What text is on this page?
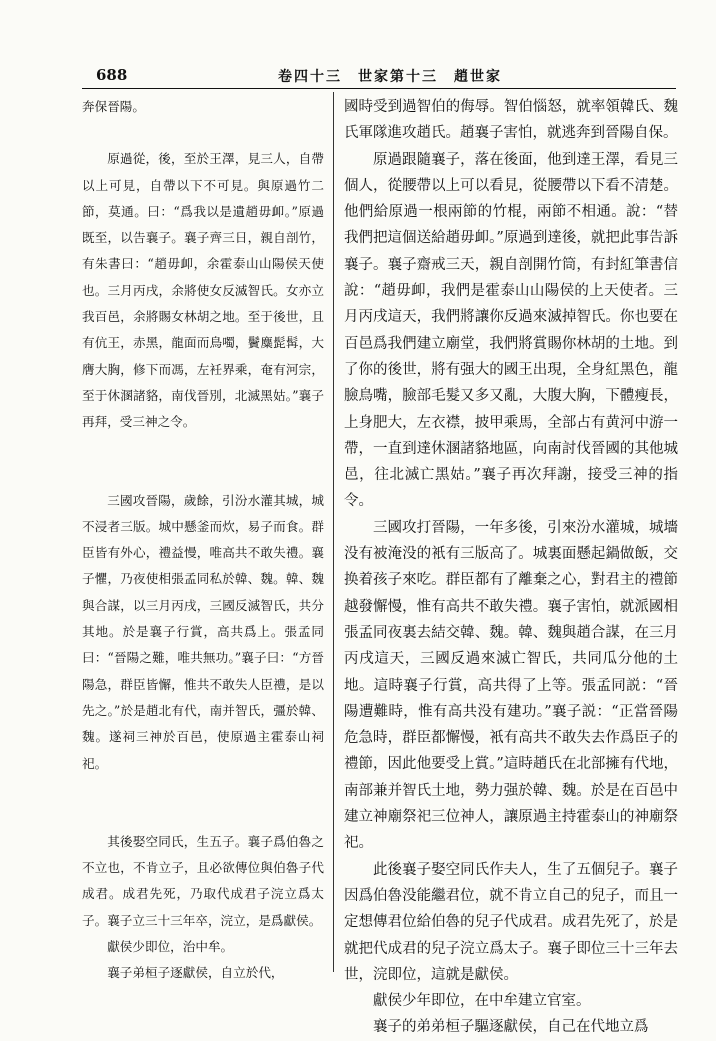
688	卷四十三　世家第十三　趙世家

奔保晉陽。

原過從，後，至於王澤，見三人，自帶以上可見，自帶以下不可見。與原過竹二節，莫通。曰：“爲我以是遺趙毋卹。”原過既至，以告襄子。襄子齊三日，親自剖竹，有朱書曰：“趙毋卹，余霍泰山山陽侯天使也。三月丙戌，余將使女反滅智氏。女亦立我百邑，余將賜女林胡之地。至于後世，且有伉王，赤黑，龍面而鳥噣，鬢麋髭髯，大膺大胸，修下而馮，左衽界乘，奄有河宗，至于休溷諸貉，南伐晉別，北滅黑姑。”襄子再拜，受三神之令。

三國攻晉陽，歲餘，引汾水灌其城，城不浸者三版。城中懸釜而炊，易子而食。群臣皆有外心，禮益慢，唯高共不敢失禮。襄子懼，乃夜使相張孟同私於韓、魏。韓、魏與合謀，以三月丙戌，三國反滅智氏，共分其地。於是襄子行賞，高共爲上。張孟同曰：“晉陽之難，唯共無功。”襄子曰：“方晉陽急，群臣皆懈，惟共不敢失人臣禮，是以先之。”於是趙北有代，南并智氏，彊於韓、魏。遂祠三神於百邑，使原過主霍泰山祠祀。

其後娶空同氏，生五子。襄子爲伯魯之不立也，不肯立子，且必欲傳位與伯魯子代成君。成君先死，乃取代成君子浣立爲太子。襄子立三十三年卒，浣立，是爲獻侯。

獻侯少即位，治中牟。

襄子弟桓子逐獻侯，自立於代，

國時受到過智伯的侮辱。智伯惱怒，就率領韓氏、魏氏軍隊進攻趙氏。趙襄子害怕，就逃奔到晉陽自保。

原過跟隨襄子，落在後面，他到達王澤，看見三個人，從腰帶以上可以看見，從腰帶以下看不清楚。他們給原過一根兩節的竹棍，兩節不相通。說：“替我們把這個送給趙毋卹。”原過到達後，就把此事告訴襄子。襄子齋戒三天，親自剖開竹筒，有封紅筆書信說：“趙毋卹，我們是霍泰山山陽侯的上天使者。三月丙戌這天，我們將讓你反過來滅掉智氏。你也要在百邑爲我們建立廟堂，我們將賞賜你林胡的土地。到了你的後世，將有强大的國王出現，全身紅黑色，龍臉鳥嘴，臉部毛髮又多又亂，大腹大胸，下體瘦長，上身肥大，左衣襟，披甲乘馬，全部占有黄河中游一帶，一直到達休溷諸貉地區，向南討伐晉國的其他城邑，往北滅亡黑姑。”襄子再次拜謝，接受三神的指令。

三國攻打晉陽，一年多後，引來汾水灌城，城墻没有被淹没的衹有三版高了。城裏面懸起鍋做飯，交换着孩子來吃。群臣都有了離棄之心，對君主的禮節越發懈慢，惟有高共不敢失禮。襄子害怕，就派國相張孟同夜裏去結交韓、魏。韓、魏與趙合謀，在三月丙戌這天，三國反過來滅亡智氏，共同瓜分他的土地。這時襄子行賞，高共得了上等。張孟同説：“晉陽遭難時，惟有高共没有建功。”襄子説：“正當晉陽危急時，群臣都懈慢，衹有高共不敢失去作爲臣子的禮節，因此他要受上賞。”這時趙氏在北部擁有代地，南部兼并智氏土地，勢力强於韓、魏。於是在百邑中建立神廟祭祀三位神人，讓原過主持霍泰山的神廟祭祀。

此後襄子娶空同氏作夫人，生了五個兒子。襄子因爲伯魯没能繼君位，就不肯立自己的兒子，而且一定想傳君位給伯魯的兒子代成君。成君先死了，於是就把代成君的兒子浣立爲太子。襄子即位三十三年去世，浣即位，這就是獻侯。

獻侯少年即位，在中牟建立官室。

襄子的弟弟桓子驅逐獻侯，自己在代地立爲
